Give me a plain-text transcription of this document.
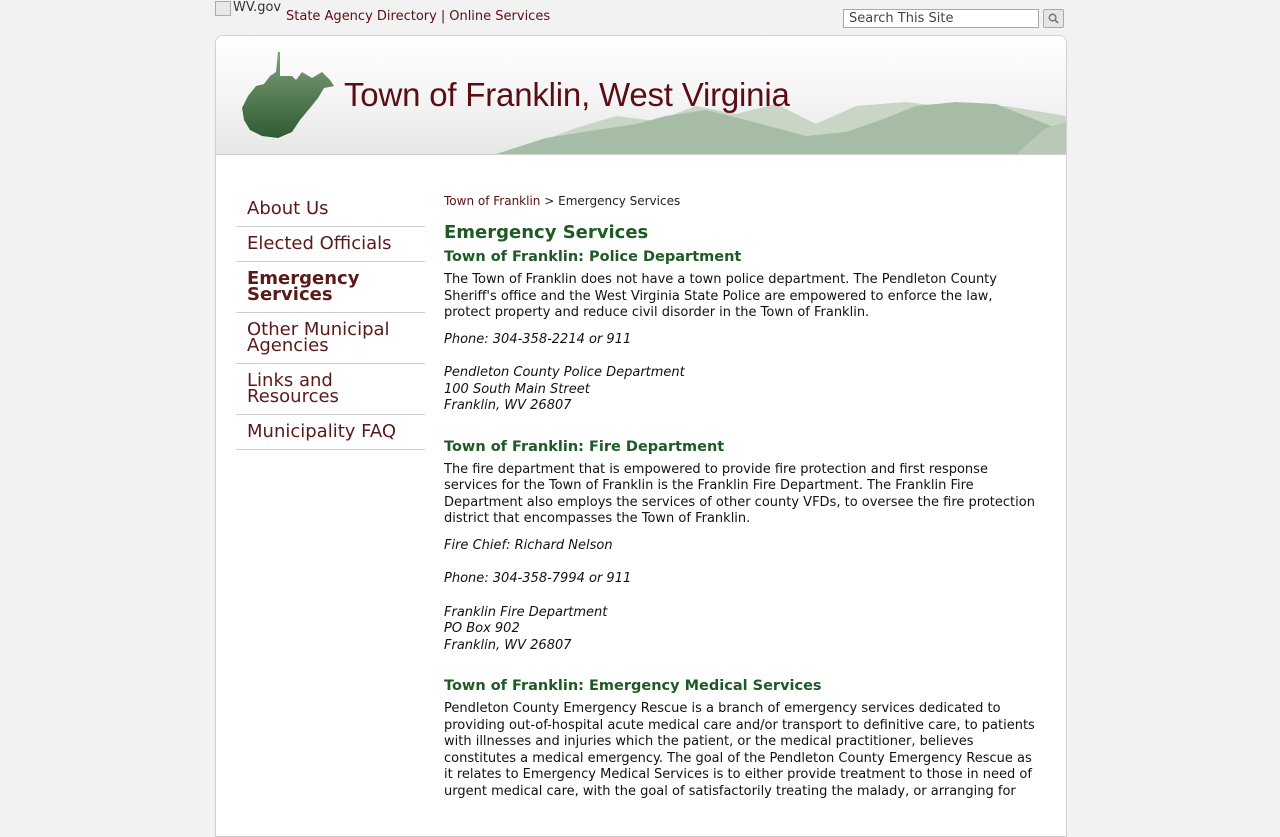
WV.gov
State Agency Directory | Online Services
Search This Site
Town of Franklin, West Virginia
About Us
Elected Officials
Emergency Services
Other Municipal Agencies
Links and Resources
Municipality FAQ
Town of Franklin > Emergency Services
Emergency Services
Town of Franklin: Police Department

The Town of Franklin does not have a town police department. The Pendleton County Sheriff's office and the West Virginia State Police are empowered to enforce the law, protect property and reduce civil disorder in the Town of Franklin.

Phone: 304-358-2214 or 911

Pendleton County Police Department
100 South Main Street
Franklin, WV 26807

Town of Franklin: Fire Department

The fire department that is empowered to provide fire protection and first response services for the Town of Franklin is the Franklin Fire Department. The Franklin Fire Department also employs the services of other county VFDs, to oversee the fire protection district that encompasses the Town of Franklin.

Fire Chief: Richard Nelson

Phone: 304-358-7994 or 911

Franklin Fire Department
PO Box 902
Franklin, WV 26807

Town of Franklin: Emergency Medical Services

Pendleton County Emergency Rescue is a branch of emergency services dedicated to providing out-of-hospital acute medical care and/or transport to definitive care, to patients with illnesses and injuries which the patient, or the medical practitioner, believes constitutes a medical emergency. The goal of the Pendleton County Emergency Rescue as it relates to Emergency Medical Services is to either provide treatment to those in need of urgent medical care, with the goal of satisfactorily treating the malady, or arranging for
